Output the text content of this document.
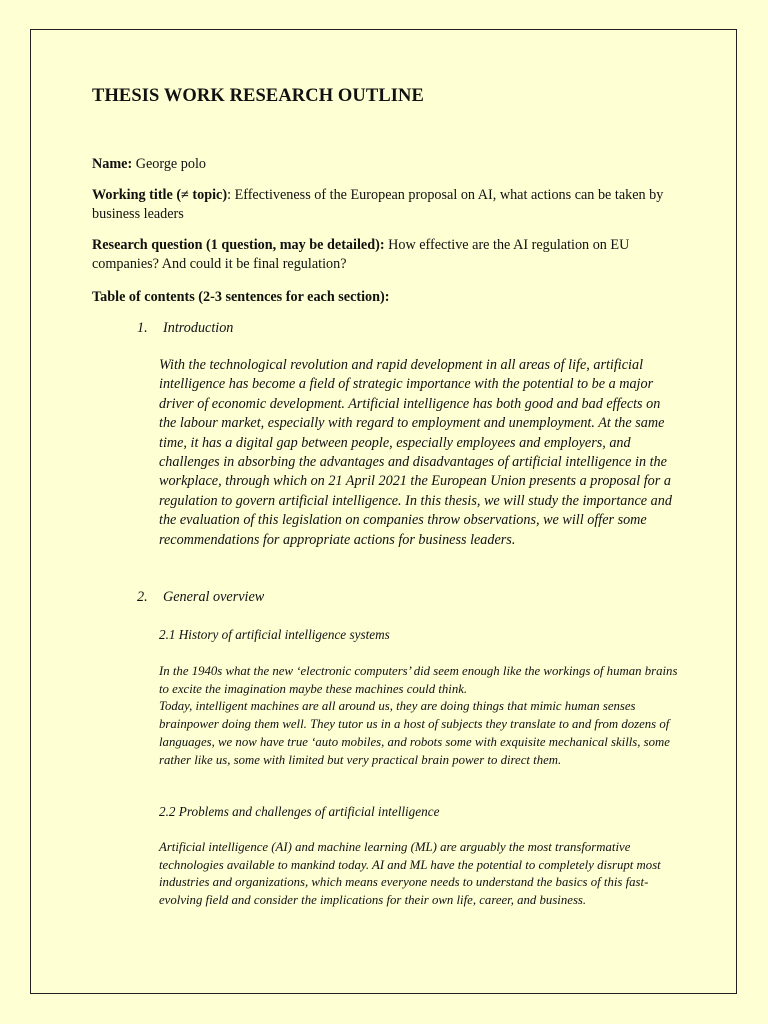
THESIS WORK RESEARCH OUTLINE

Name: George polo

Working title (≠ topic): Effectiveness of the European proposal on AI, what actions can be taken by business leaders

Research question (1 question, may be detailed): How effective are the AI regulation on EU companies? And could it be final regulation?

Table of contents (2-3 sentences for each section):

1. Introduction

With the technological revolution and rapid development in all areas of life, artificial intelligence has become a field of strategic importance with the potential to be a major driver of economic development. Artificial intelligence has both good and bad effects on the labour market, especially with regard to employment and unemployment. At the same time, it has a digital gap between people, especially employees and employers, and challenges in absorbing the advantages and disadvantages of artificial intelligence in the workplace, through which on 21 April 2021 the European Union presents a proposal for a regulation to govern artificial intelligence. In this thesis, we will study the importance and the evaluation of this legislation on companies throw observations, we will offer some recommendations for appropriate actions for business leaders.

2. General overview

2.1 History of artificial intelligence systems

In the 1940s what the new ‘electronic computers’ did seem enough like the workings of human brains to excite the imagination maybe these machines could think.
Today, intelligent machines are all around us, they are doing things that mimic human senses brainpower doing them well. They tutor us in a host of subjects they translate to and from dozens of languages, we now have true ‘auto mobiles, and robots some with exquisite mechanical skills, some rather like us, some with limited but very practical brain power to direct them.

2.2 Problems and challenges of artificial intelligence

Artificial intelligence (AI) and machine learning (ML) are arguably the most transformative technologies available to mankind today. AI and ML have the potential to completely disrupt most industries and organizations, which means everyone needs to understand the basics of this fast-evolving field and consider the implications for their own life, career, and business.
